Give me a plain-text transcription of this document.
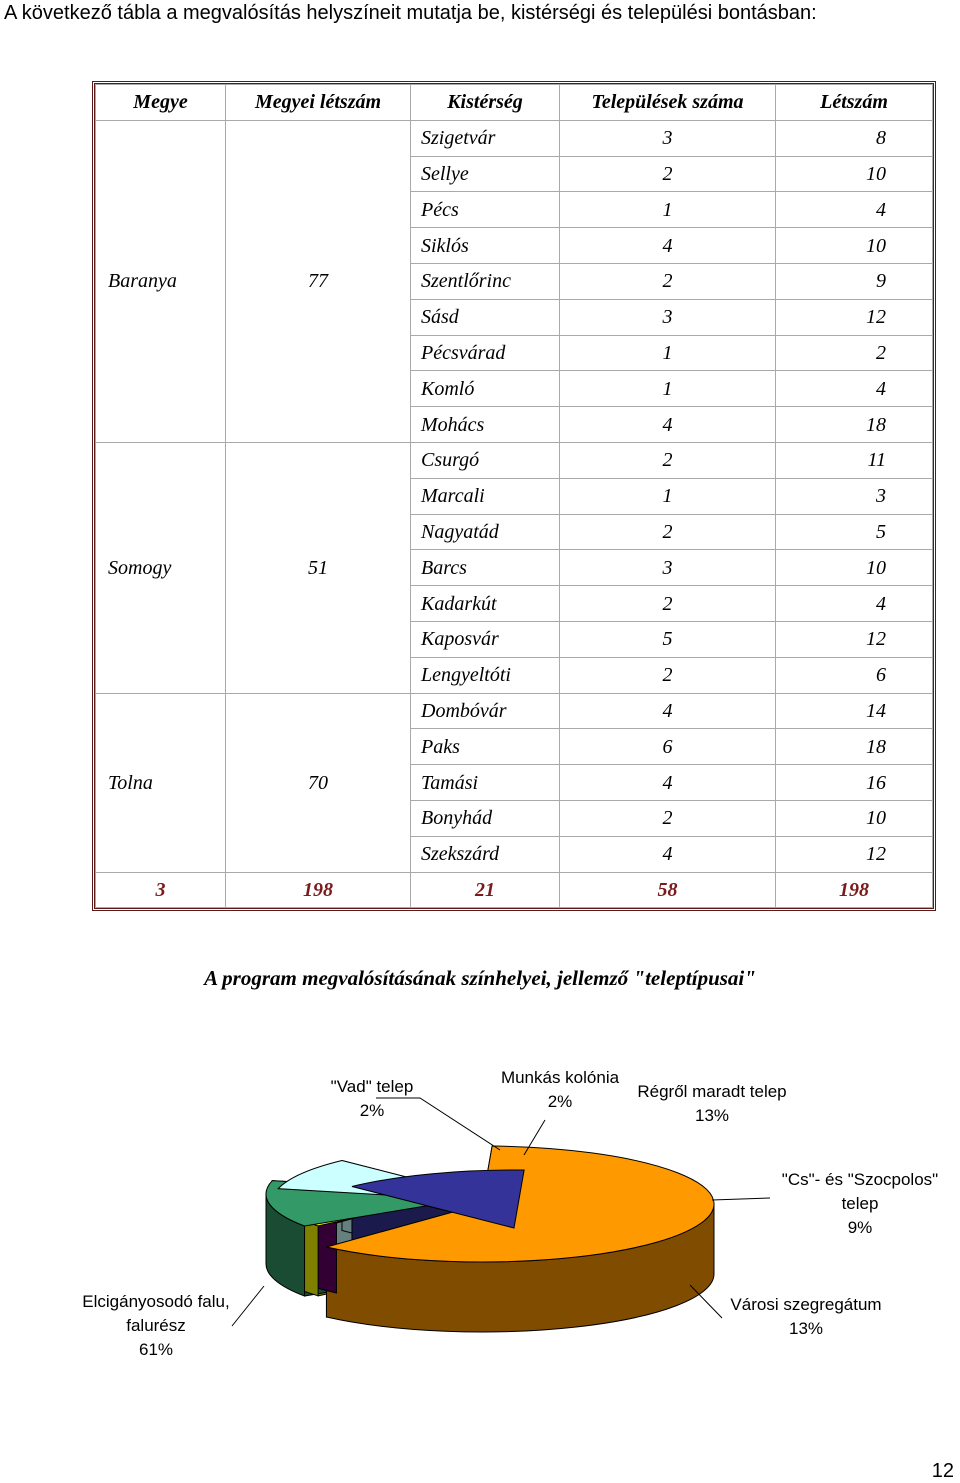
A következő tábla a megvalósítás helyszíneit mutatja be, kistérségi és települési bontásban:
Megye	Megyei létszám	Kistérség	Települések száma	Létszám
Baranya	77	Szigetvár	3	8
		Sellye	2	10
		Pécs	1	4
		Siklós	4	10
		Szentlőrinc	2	9
		Sásd	3	12
		Pécsvárad	1	2
		Komló	1	4
		Mohács	4	18
Somogy	51	Csurgó	2	11
		Marcali	1	3
		Nagyatád	2	5
		Barcs	3	10
		Kadarkút	2	4
		Kaposvár	5	12
		Lengyeltóti	2	6
Tolna	70	Dombóvár	4	14
		Paks	6	18
		Tamási	4	16
		Bonyhád	2	10
		Szekszárd	4	12
3	198	21	58	198
A program megvalósításának színhelyei, jellemző "teleptípusai"
Elcigányosodó falu,
falurész
61%
"Vad" telep
2%
Munkás kolónia
2%
Régről maradt telep
13%
"Cs"- és "Szocpolos"
telep
9%
Városi szegregátum
13%
12
